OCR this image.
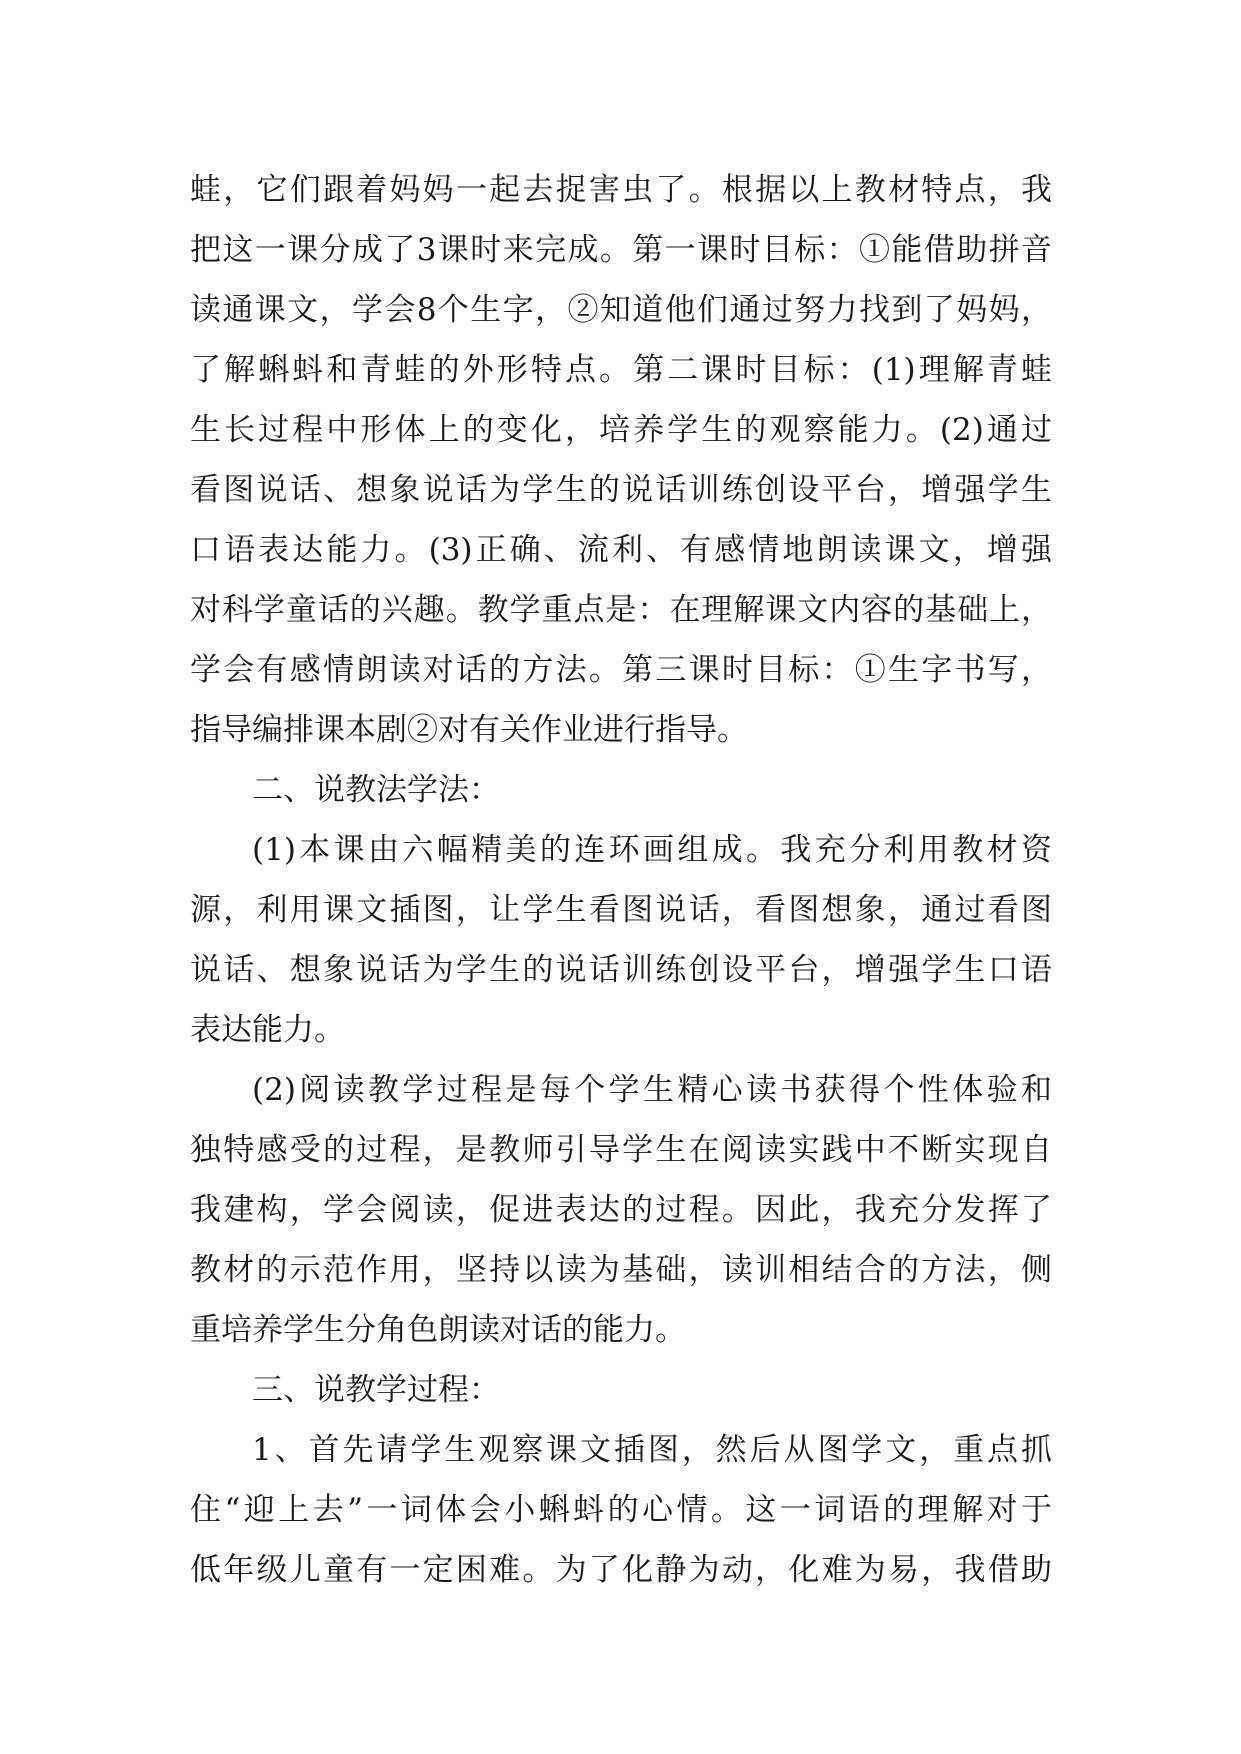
蛙，它们跟着妈妈一起去捉害虫了。根据以上教材特点，我
把这一课分成了3课时来完成。第一课时目标：①能借助拼音
读通课文，学会8个生字，②知道他们通过努力找到了妈妈，
了解蝌蚪和青蛙的外形特点。第二课时目标：(1)理解青蛙
生长过程中形体上的变化，培养学生的观察能力。(2)通过
看图说话、想象说话为学生的说话训练创设平台，增强学生
口语表达能力。(3)正确、流利、有感情地朗读课文，增强
对科学童话的兴趣。教学重点是：在理解课文内容的基础上，
学会有感情朗读对话的方法。第三课时目标：①生字书写，
指导编排课本剧②对有关作业进行指导。
二、说教法学法：
(1)本课由六幅精美的连环画组成。我充分利用教材资
源，利用课文插图，让学生看图说话，看图想象，通过看图
说话、想象说话为学生的说话训练创设平台，增强学生口语
表达能力。
(2)阅读教学过程是每个学生精心读书获得个性体验和
独特感受的过程，是教师引导学生在阅读实践中不断实现自
我建构，学会阅读，促进表达的过程。因此，我充分发挥了
教材的示范作用，坚持以读为基础，读训相结合的方法，侧
重培养学生分角色朗读对话的能力。
三、说教学过程：
1、首先请学生观察课文插图，然后从图学文，重点抓
住“迎上去”一词体会小蝌蚪的心情。这一词语的理解对于
低年级儿童有一定困难。为了化静为动，化难为易，我借助
